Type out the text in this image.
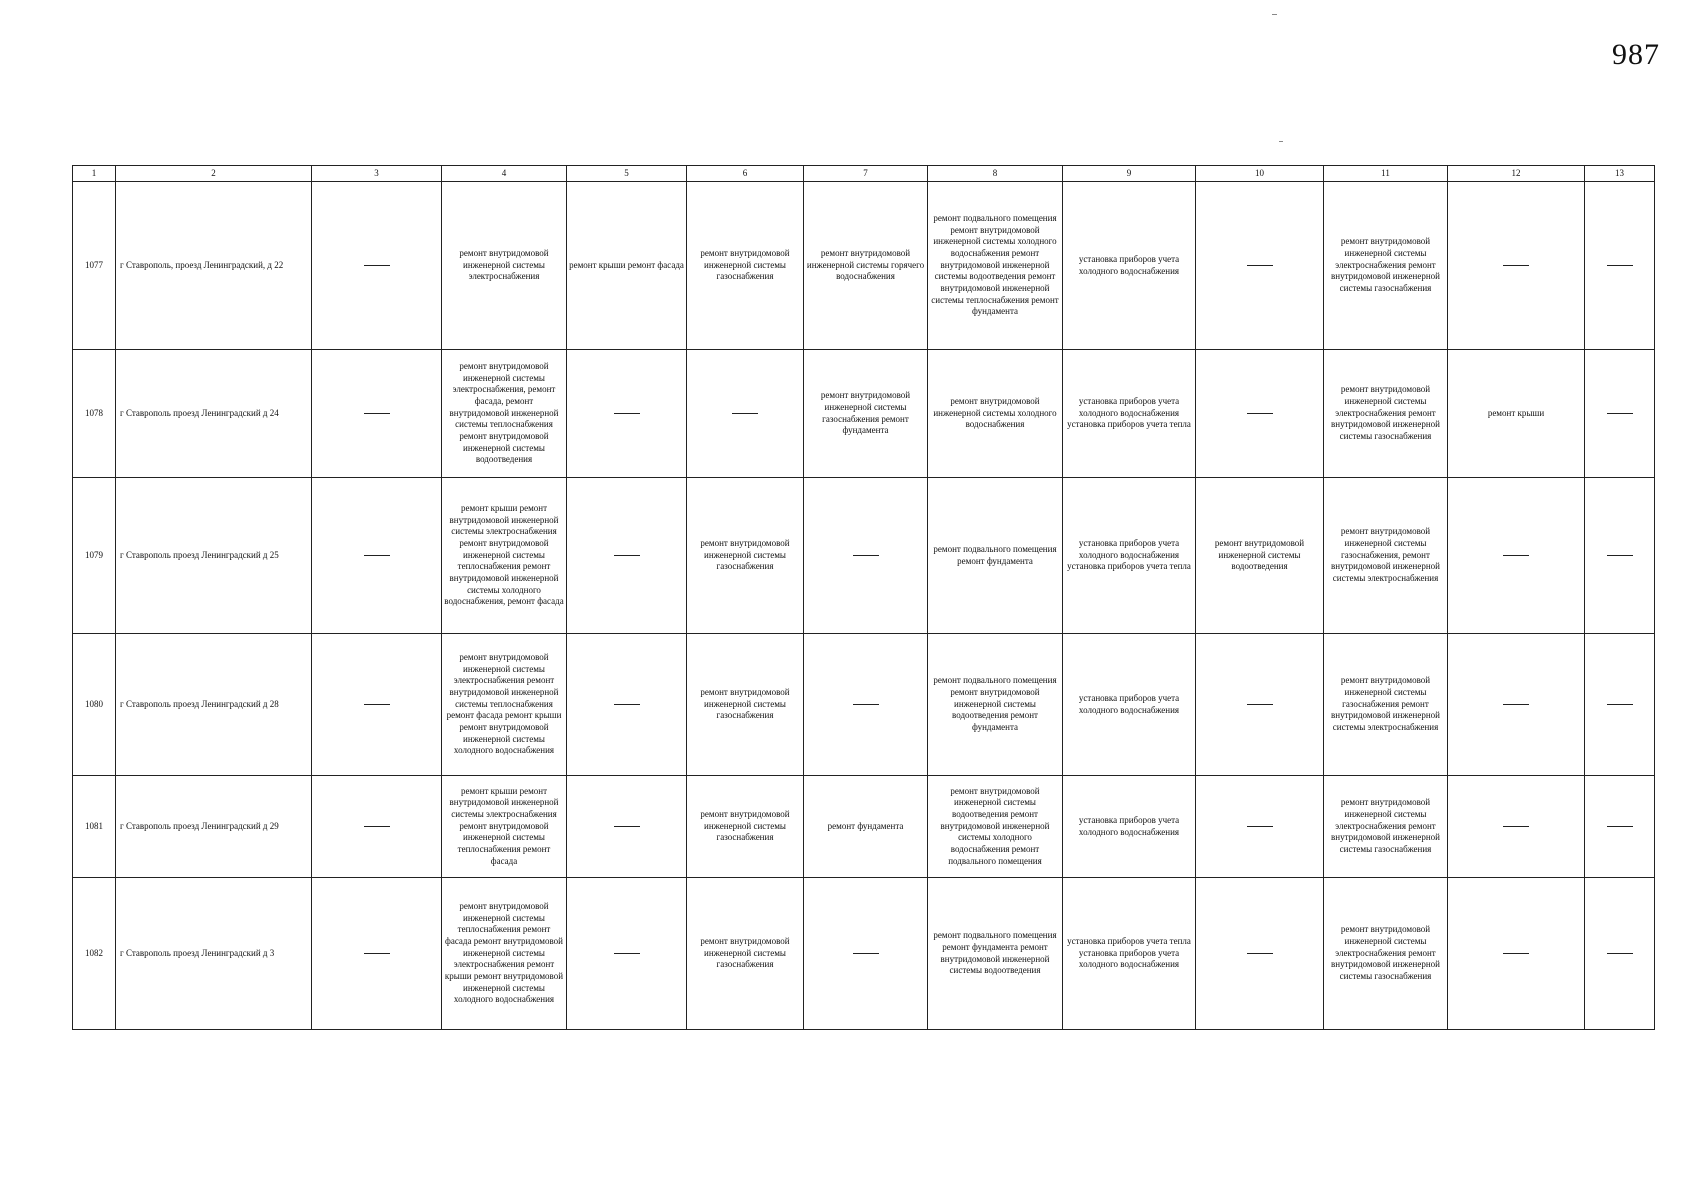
987
1	2	3	4	5	6	7	8	9	10	11	12	13
1077	г Ставрополь, проезд Ленинградский, д 22		ремонт внутридомовой инженерной системы электроснабжения	ремонт крыши ремонт фасада	ремонт внутридомовой инженерной системы газоснабжения	ремонт внутридомовой инженерной системы горячего водоснабжения	ремонт подвального помещения ремонт внутридомовой инженерной системы холодного водоснабжения ремонт внутридомовой инженерной системы водоотведения ремонт внутридомовой инженерной системы теплоснабжения ремонт фундамента	установка приборов учета холодного водоснабжения		ремонт внутридомовой инженерной системы электроснабжения ремонт внутридомовой инженерной системы газоснабжения		
1078	г Ставрополь проезд Ленинградский д 24		ремонт внутридомовой инженерной системы электроснабжения, ремонт фасада, ремонт внутридомовой инженерной системы теплоснабжения ремонт внутридомовой инженерной системы водоотведения			ремонт внутридомовой инженерной системы газоснабжения ремонт фундамента	ремонт внутридомовой инженерной системы холодного водоснабжения	установка приборов учета холодного водоснабжения установка приборов учета тепла		ремонт внутридомовой инженерной системы электроснабжения ремонт внутридомовой инженерной системы газоснабжения	ремонт крыши	
1079	г Ставрополь проезд Ленинградский д 25		ремонт крыши ремонт внутридомовой инженерной системы электроснабжения ремонт внутридомовой инженерной системы теплоснабжения ремонт внутридомовой инженерной системы холодного водоснабжения, ремонт фасада		ремонт внутридомовой инженерной системы газоснабжения		ремонт подвального помещения ремонт фундамента	установка приборов учета холодного водоснабжения установка приборов учета тепла	ремонт внутридомовой инженерной системы водоотведения	ремонт внутридомовой инженерной системы газоснабжения, ремонт внутридомовой инженерной системы электроснабжения		
1080	г Ставрополь проезд Ленинградский д 28		ремонт внутридомовой инженерной системы электроснабжения ремонт внутридомовой инженерной системы теплоснабжения ремонт фасада ремонт крыши ремонт внутридомовой инженерной системы холодного водоснабжения		ремонт внутридомовой инженерной системы газоснабжения		ремонт подвального помещения ремонт внутридомовой инженерной системы водоотведения ремонт фундамента	установка приборов учета холодного водоснабжения		ремонт внутридомовой инженерной системы газоснабжения ремонт внутридомовой инженерной системы электроснабжения		
1081	г Ставрополь проезд Ленинградский д 29		ремонт крыши ремонт внутридомовой инженерной системы электроснабжения ремонт внутридомовой инженерной системы теплоснабжения ремонт фасада		ремонт внутридомовой инженерной системы газоснабжения	ремонт фундамента	ремонт внутридомовой инженерной системы водоотведения ремонт внутридомовой инженерной системы холодного водоснабжения ремонт подвального помещения	установка приборов учета холодного водоснабжения		ремонт внутридомовой инженерной системы электроснабжения ремонт внутридомовой инженерной системы газоснабжения		
1082	г Ставрополь проезд Ленинградский д 3		ремонт внутридомовой инженерной системы теплоснабжения ремонт фасада ремонт внутридомовой инженерной системы электроснабжения ремонт крыши ремонт внутридомовой инженерной системы холодного водоснабжения		ремонт внутридомовой инженерной системы газоснабжения		ремонт подвального помещения ремонт фундамента ремонт внутридомовой инженерной системы водоотведения	установка приборов учета тепла установка приборов учета холодного водоснабжения		ремонт внутридомовой инженерной системы электроснабжения ремонт внутридомовой инженерной системы газоснабжения		
